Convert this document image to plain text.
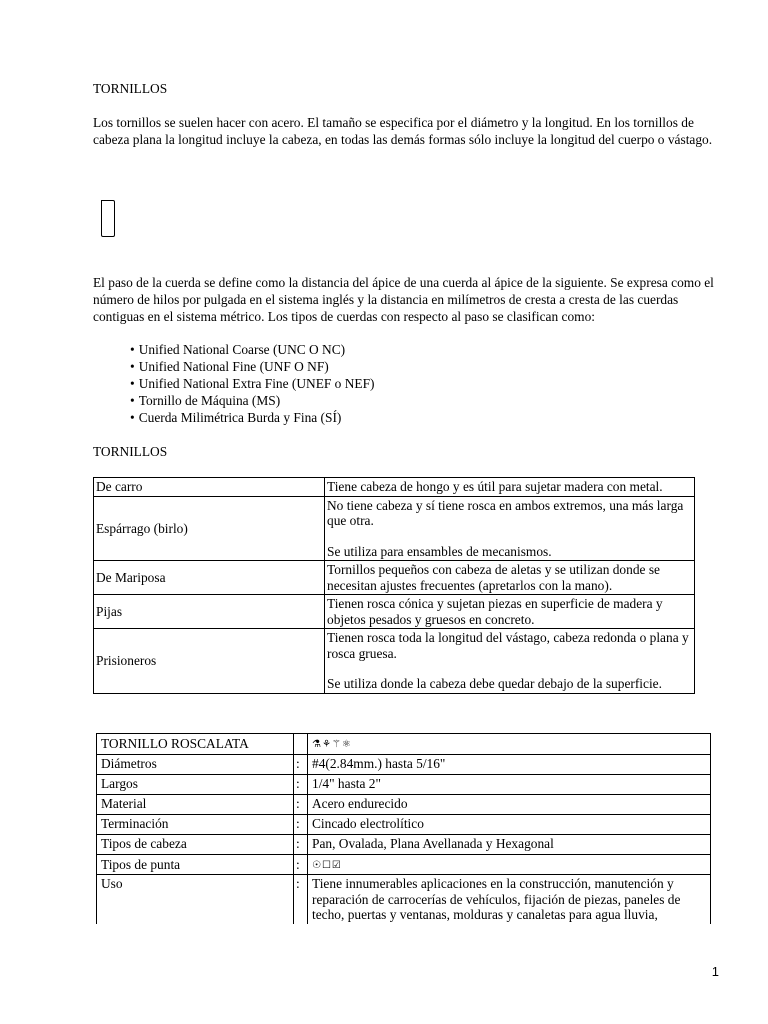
TORNILLOS

Los tornillos se suelen hacer con acero. El tamaño se especifica por el diámetro y la longitud. En los tornillos de cabeza plana la longitud incluye la cabeza, en todas las demás formas sólo incluye la longitud del cuerpo o vástago.

El paso de la cuerda se define como la distancia del ápice de una cuerda al ápice de la siguiente. Se expresa como el número de hilos por pulgada en el sistema inglés y la distancia en milímetros de cresta a cresta de las cuerdas contiguas en el sistema métrico. Los tipos de cuerdas con respecto al paso se clasifican como:

• Unified National Coarse (UNC O NC)
• Unified National Fine (UNF O NF)
• Unified National Extra Fine (UNEF o NEF)
• Tornillo de Máquina (MS)
• Cuerda Milimétrica Burda y Fina (SÍ)

TORNILLOS

De carro	Tiene cabeza de hongo y es útil para sujetar madera con metal.
Espárrago (birlo)	No tiene cabeza y sí tiene rosca en ambos extremos, una más larga que otra.
Se utiliza para ensambles de mecanismos.
De Mariposa	Tornillos pequeños con cabeza de aletas y se utilizan donde se necesitan ajustes frecuentes (apretarlos con la mano).
Pijas	Tienen rosca cónica y sujetan piezas en superficie de madera y objetos pesados y gruesos en concreto.
Prisioneros	Tienen rosca toda la longitud del vástago, cabeza redonda o plana y rosca gruesa.
Se utiliza donde la cabeza debe quedar debajo de la superficie.
TORNILLO ROSCALATA		⚗⚘⚚⚛
Diámetros	:	#4(2.84mm.) hasta 5/16"
Largos	:	1/4" hasta 2"
Material	:	Acero endurecido
Terminación	:	Cincado electrolítico
Tipos de cabeza	:	Pan, Ovalada, Plana Avellanada y Hexagonal
Tipos de punta	:	☉☐☑
Uso	:	Tiene innumerables aplicaciones en la construcción, manutención y reparación de carrocerías de vehículos, fijación de piezas, paneles de techo, puertas y ventanas, molduras y canaletas para agua lluvia,
1
